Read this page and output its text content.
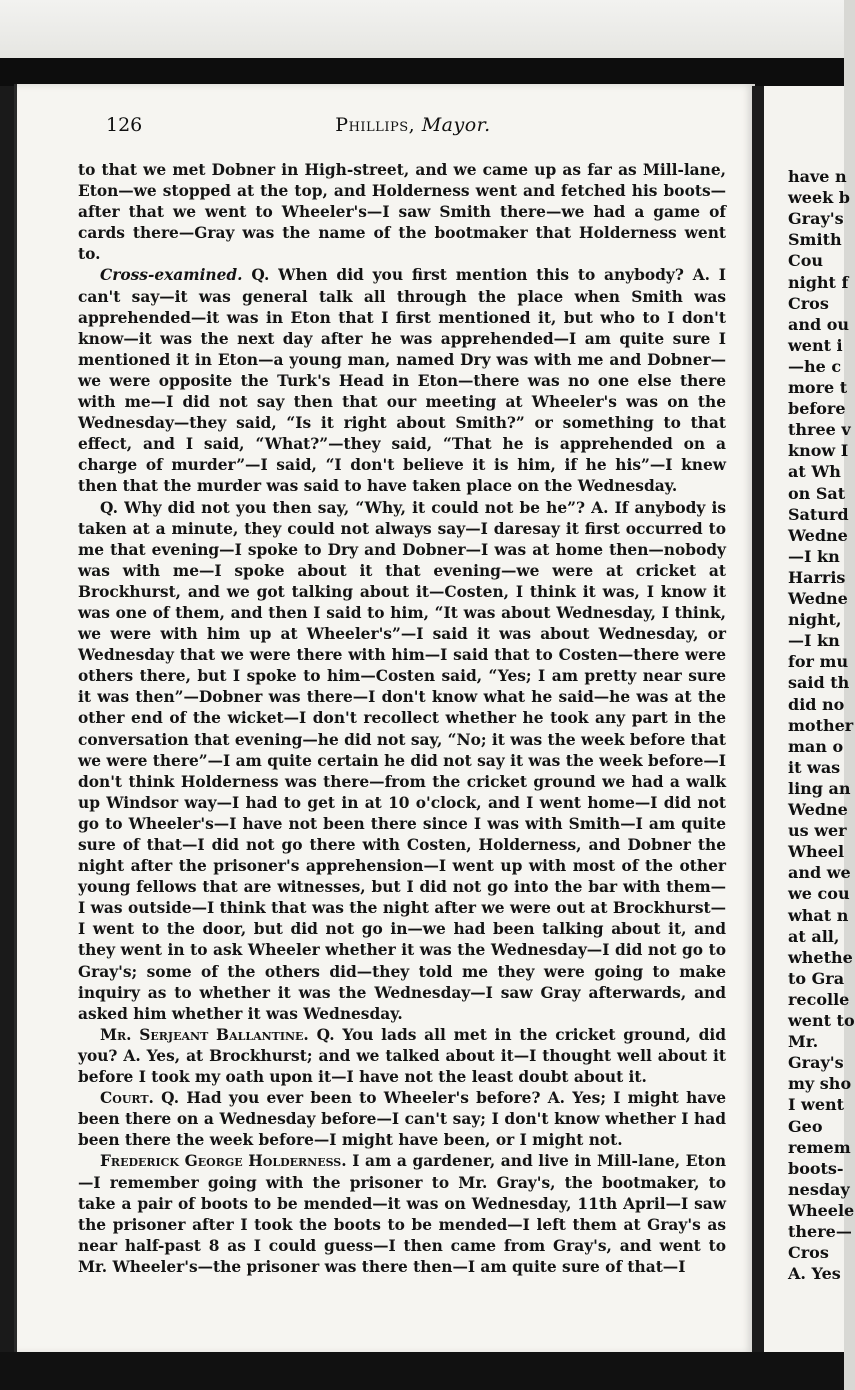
126	Phillips, Mayor.

to that we met Dobner in High-street, and we came up as far as Mill-lane, Eton—we stopped at the top, and Holderness went and fetched his boots—after that we went to Wheeler's—I saw Smith there—we had a game of cards there—Gray was the name of the bootmaker that Holderness went to.

Cross-examined. Q. When did you first mention this to anybody? A. I can't say—it was general talk all through the place when Smith was apprehended—it was in Eton that I first mentioned it, but who to I don't know—it was the next day after he was apprehended—I am quite sure I mentioned it in Eton—a young man, named Dry was with me and Dobner—we were opposite the Turk's Head in Eton—there was no one else there with me—I did not say then that our meeting at Wheeler's was on the Wednesday—they said, “Is it right about Smith?” or something to that effect, and I said, “What?”—they said, “That he is apprehended on a charge of murder”—I said, “I don't believe it is him, if he his”—I knew then that the murder was said to have taken place on the Wednesday.

Q. Why did not you then say, “Why, it could not be he”? A. If anybody is taken at a minute, they could not always say—I daresay it first occurred to me that evening—I spoke to Dry and Dobner—I was at home then—nobody was with me—I spoke about it that evening—we were at cricket at Brockhurst, and we got talking about it—Costen, I think it was, I know it was one of them, and then I said to him, “It was about Wednesday, I think, we were with him up at Wheeler's”—I said it was about Wednesday, or Wednesday that we were there with him—I said that to Costen—there were others there, but I spoke to him—Costen said, “Yes; I am pretty near sure it was then”—Dobner was there—I don't know what he said—he was at the other end of the wicket—I don't recollect whether he took any part in the conversation that evening—he did not say, “No; it was the week before that we were there”—I am quite certain he did not say it was the week before—I don't think Holderness was there—from the cricket ground we had a walk up Windsor way—I had to get in at 10 o'clock, and I went home—I did not go to Wheeler's—I have not been there since I was with Smith—I am quite sure of that—I did not go there with Costen, Holderness, and Dobner the night after the prisoner's apprehension—I went up with most of the other young fellows that are witnesses, but I did not go into the bar with them—I was outside—I think that was the night after we were out at Brockhurst—I went to the door, but did not go in—we had been talking about it, and they went in to ask Wheeler whether it was the Wednesday—I did not go to Gray's; some of the others did—they told me they were going to make inquiry as to whether it was the Wednesday—I saw Gray afterwards, and asked him whether it was Wednesday.

Mr. Serjeant Ballantine. Q. You lads all met in the cricket ground, did you? A. Yes, at Brockhurst; and we talked about it—I thought well about it before I took my oath upon it—I have not the least doubt about it.

Court. Q. Had you ever been to Wheeler's before? A. Yes; I might have been there on a Wednesday before—I can't say; I don't know whether I had been there the week before—I might have been, or I might not.

Frederick George Holderness. I am a gardener, and live in Mill-lane, Eton—I remember going with the prisoner to Mr. Gray's, the bootmaker, to take a pair of boots to be mended—it was on Wednesday, 11th April—I saw the prisoner after I took the boots to be mended—I left them at Gray's as near half-past 8 as I could guess—I then came from Gray's, and went to Mr. Wheeler's—the prisoner was there then—I am quite sure of that—I

have n
week b
Gray's
Smith
Cou
night f
Cros
and ou
went i
—he c
more t
before
three v
know I
at Wh
on Sat
Saturd
Wedne
—I kn
Harris
Wedne
night,
—I kn
for mu
said th
did no
mother
man o
it was
ling an
Wedne
us wer
Wheel
and we
we cou
what n
at all,
whethe
to Gra
recolle
went to
Mr.
Gray's
my sho
I went
Geo
remem
boots-
nesday
Wheele
there—
Cros
A. Yes
